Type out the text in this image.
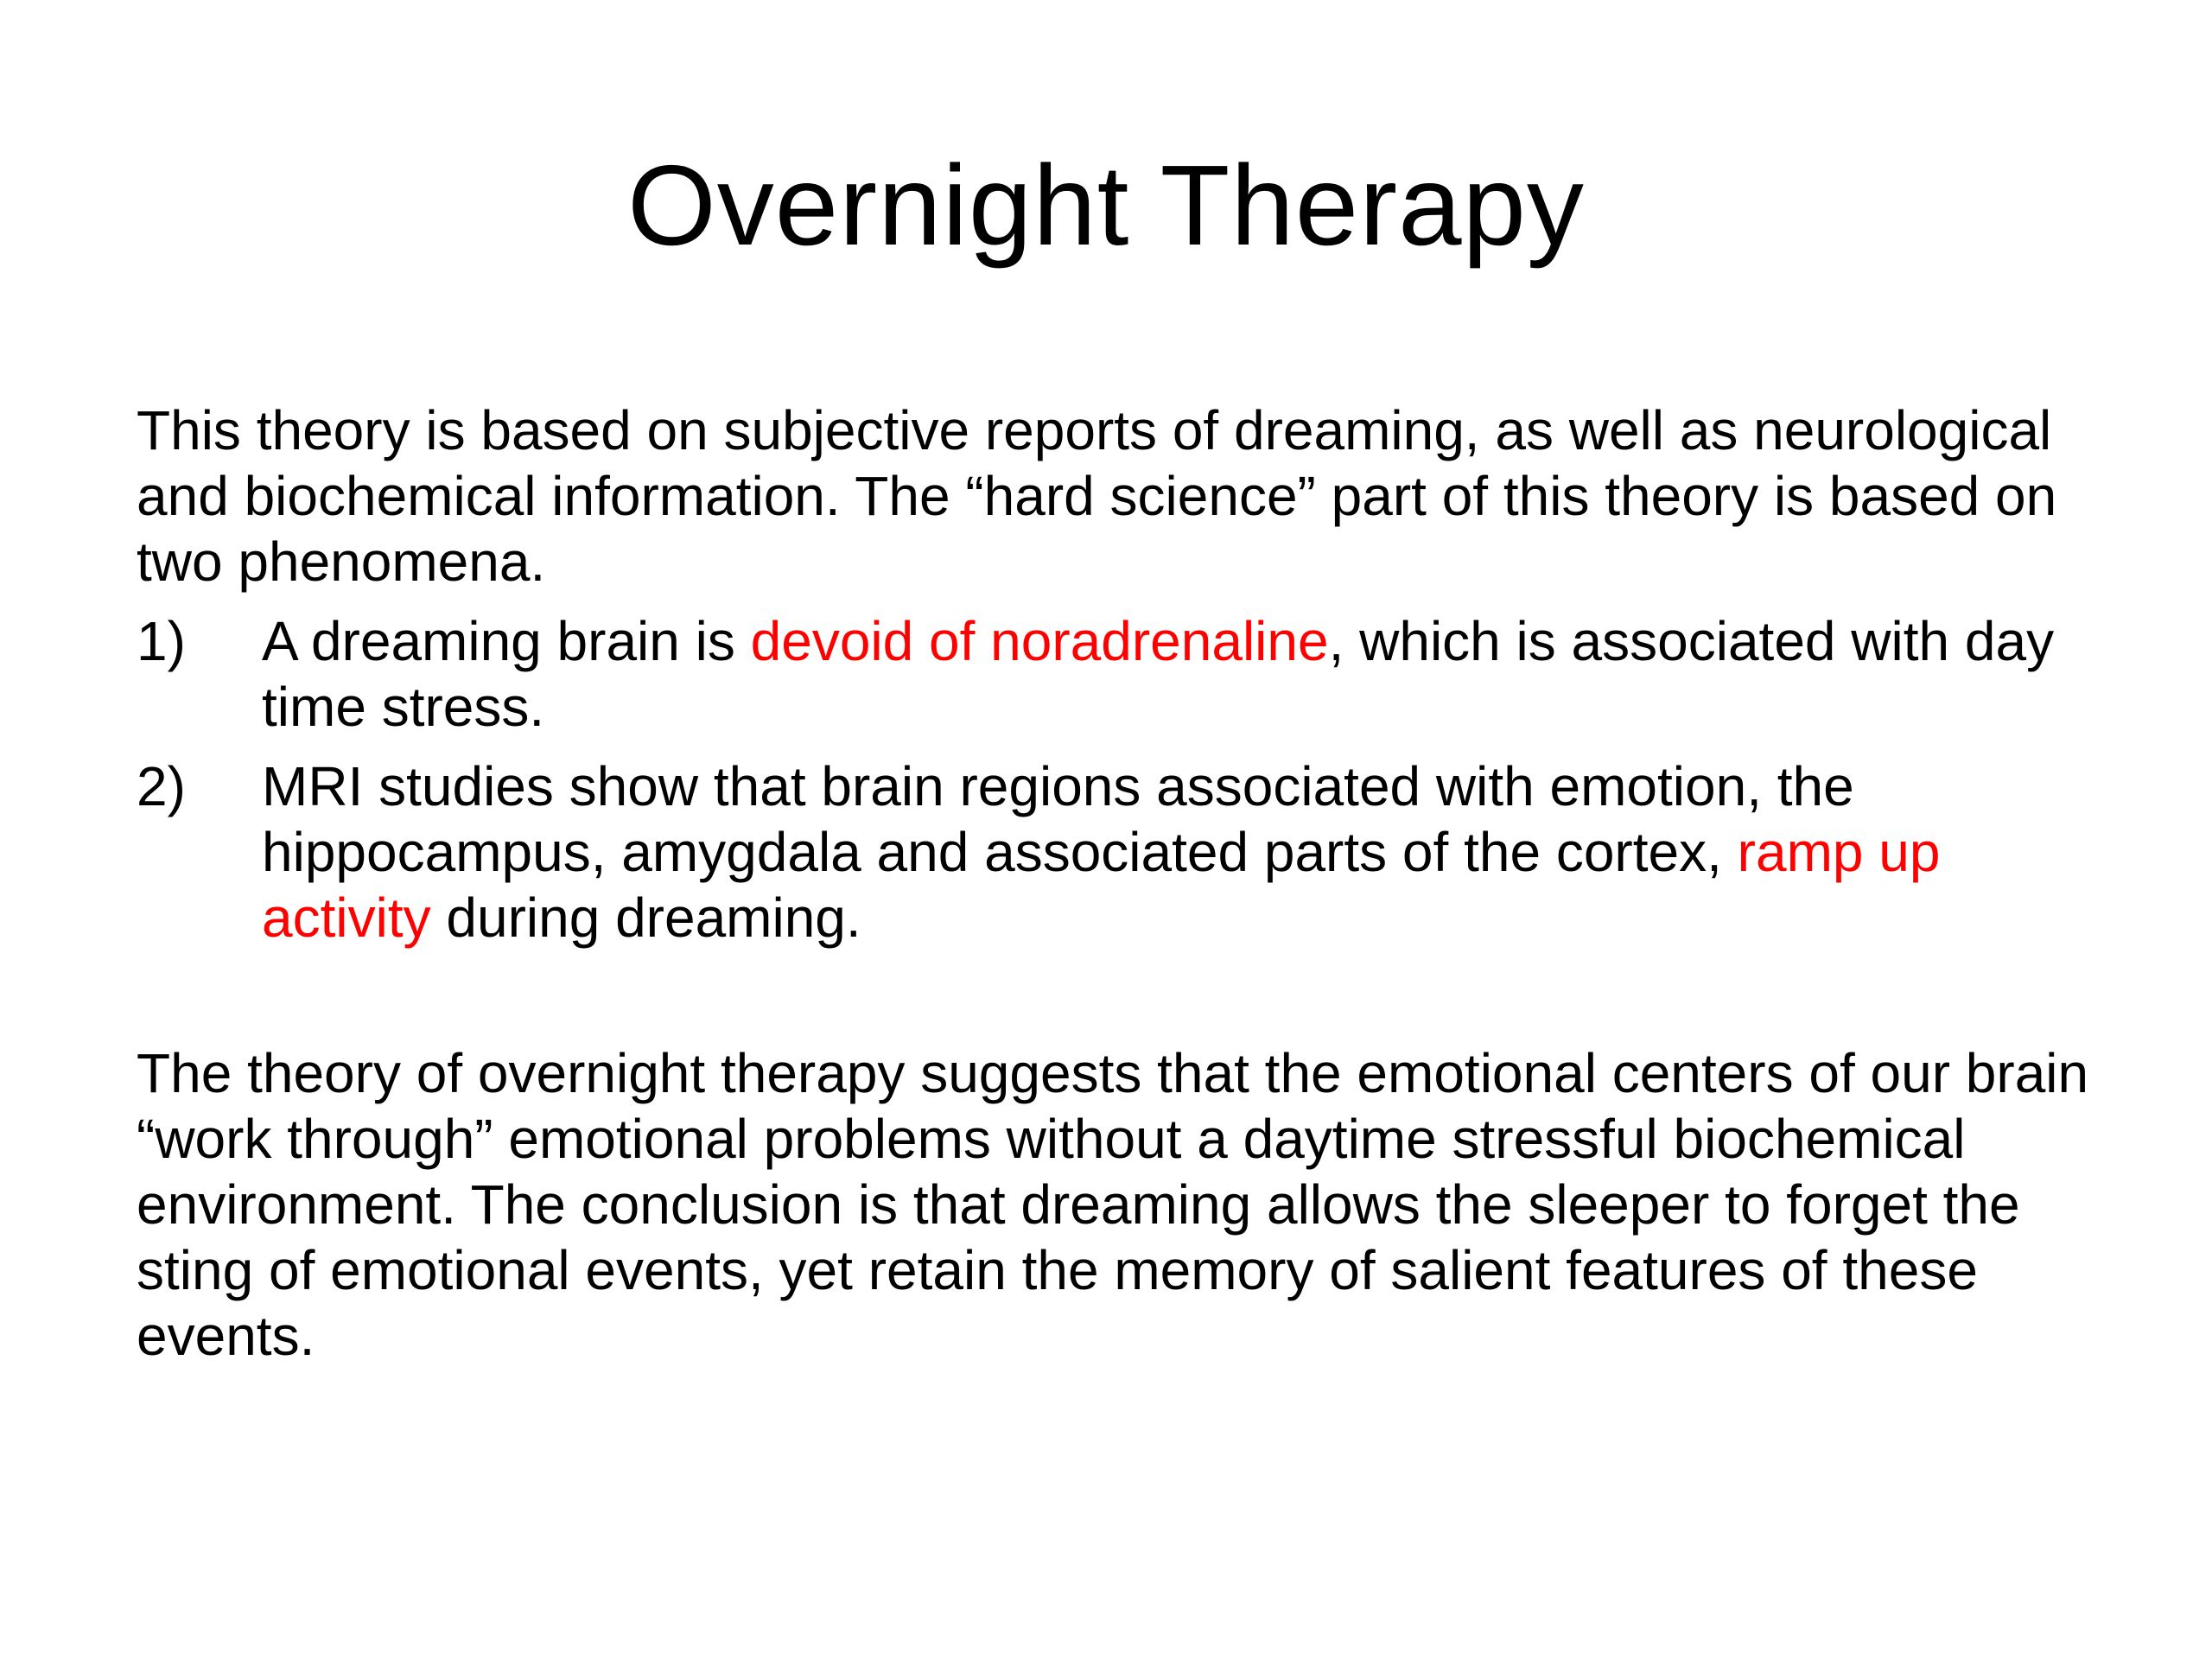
Overnight Therapy

This theory is based on subjective reports of dreaming, as well as neurological and biochemical information. The “hard science” part of this theory is based on two phenomena.

1) A dreaming brain is devoid of noradrenaline, which is associated with day time stress.
2) MRI studies show that brain regions associated with emotion, the hippocampus, amygdala and associated parts of the cortex, ramp up activity during dreaming.

The theory of overnight therapy suggests that the emotional centers of our brain “work through” emotional problems without a daytime stressful biochemical environment. The conclusion is that dreaming allows the sleeper to forget the sting of emotional events, yet retain the memory of salient features of these events.
